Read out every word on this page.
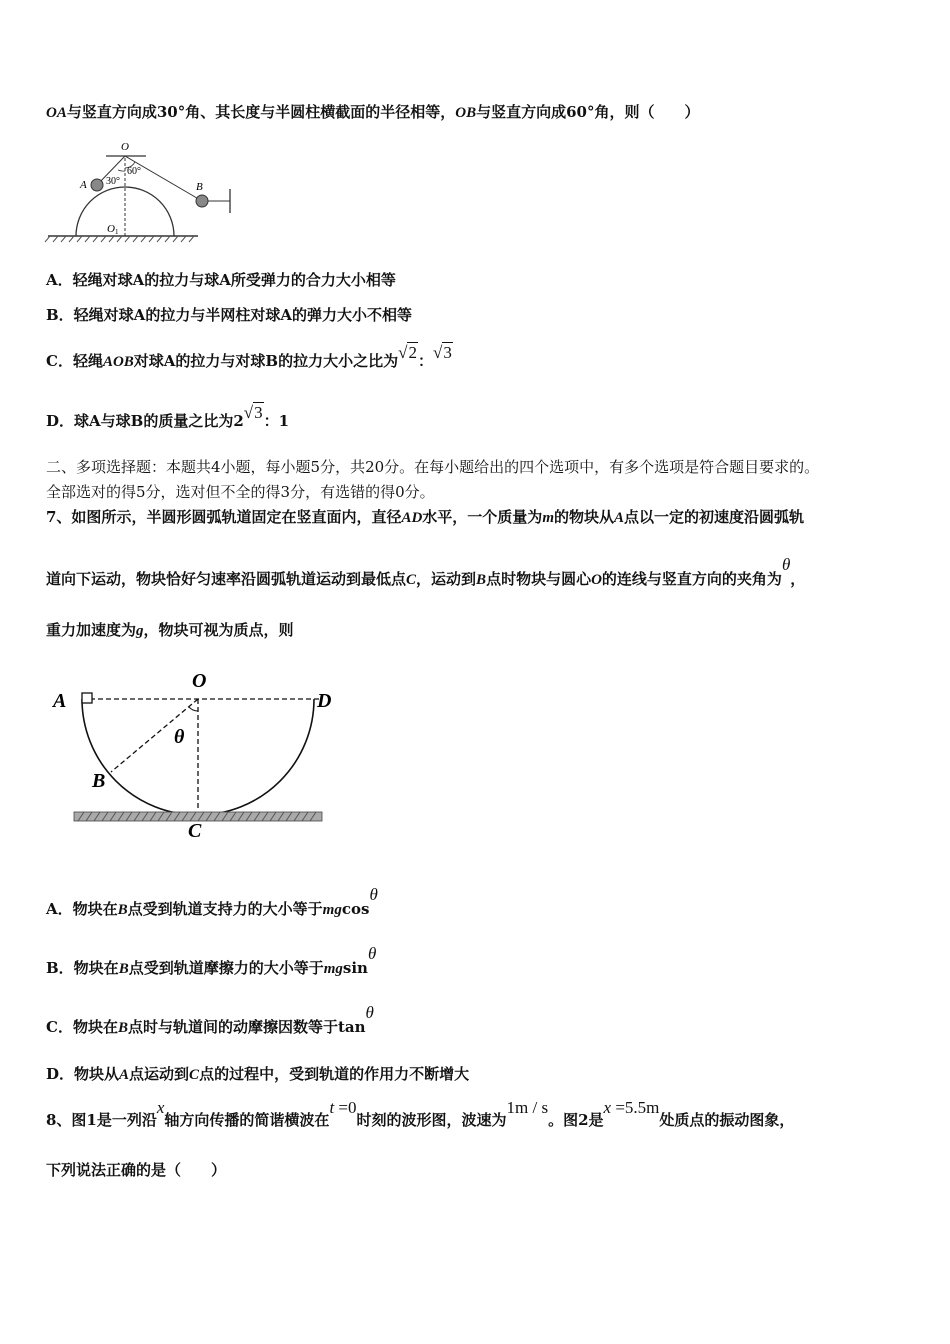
OA与竖直方向成30°角、其长度与半圆柱横截面的半径相等，OB与竖直方向成60°角，则（　　）
O
A	B
30°
60°
O 1
A．轻绳对球A的拉力与球A所受弹力的合力大小相等
B．轻绳对球A的拉力与半网柱对球A的弹力大小不相等
C．轻绳AOB对球A的拉力与对球B的拉力大小之比为√2：√3
D．球A与球B的质量之比为2√3：1
二、多项选择题：本题共4小题，每小题5分，共20分。在每小题给出的四个选项中，有多个选项是符合题目要求的。
全部选对的得5分，选对但不全的得3分，有选错的得0分。
7、如图所示，半圆形圆弧轨道固定在竖直面内，直径AD水平，一个质量为m的物块从A点以一定的初速度沿圆弧轨
道向下运动，物块恰好匀速率沿圆弧轨道运动到最低点C，运动到B点时物块与圆心O的连线与竖直方向的夹角为θ，
重力加速度为g，物块可视为质点，则
A
O
D
θ
B
C
A．物块在B点受到轨道支持力的大小等于mgcosθ
B．物块在B点受到轨道摩擦力的大小等于mgsinθ
C．物块在B点时与轨道间的动摩擦因数等于tanθ
D．物块从A点运动到C点的过程中，受到轨道的作用力不断增大
8、图1是一列沿x轴方向传播的简谐横波在t =0时刻的波形图，波速为1m / s。图2是x =5.5m处质点的振动图象，
下列说法正确的是（　　）
